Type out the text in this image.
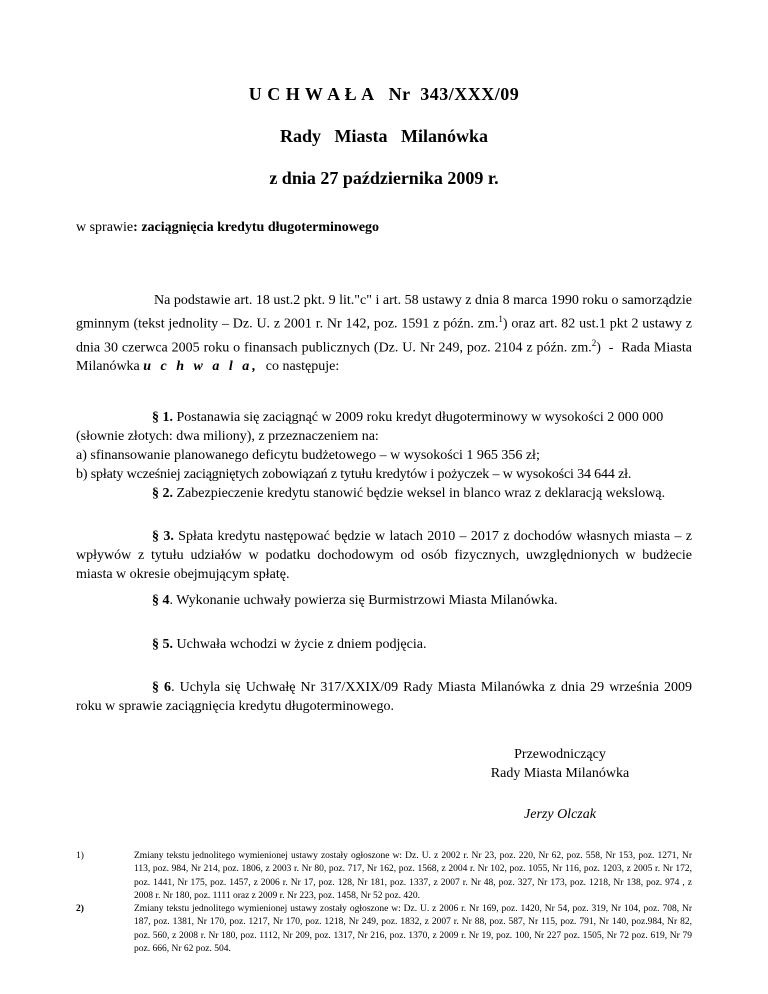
U C H W A Ł A   Nr  343/XXX/09
Rady   Miasta   Milanówka
z dnia 27 października 2009 r.
w sprawie: zaciągnięcia kredytu długoterminowego
Na podstawie art. 18 ust.2 pkt. 9 lit."c" i art. 58 ustawy z dnia 8 marca 1990 roku o samorządzie gminnym (tekst jednolity – Dz. U. z 2001 r. Nr 142, poz. 1591 z późn. zm.$^1$) oraz art. 82 ust.1 pkt 2 ustawy z dnia 30 czerwca 2005 roku o finansach publicznych (Dz. U. Nr 249, poz. 2104 z późn. zm.$^2$)  -  Rada Miasta Milanówka u c h w a l a,  co następuje:
§ 1. Postanawia się zaciągnąć w 2009 roku kredyt długoterminowy w wysokości 2 000 000
(słownie złotych: dwa miliony), z przeznaczeniem na:
a) sfinansowanie planowanego deficytu budżetowego – w wysokości 1 965 356 zł;
b) spłaty wcześniej zaciągniętych zobowiązań z tytułu kredytów i pożyczek – w wysokości 34 644 zł.
§ 2. Zabezpieczenie kredytu stanowić będzie weksel in blanco wraz z deklaracją wekslową.
§ 3. Spłata kredytu następować będzie w latach 2010 – 2017 z dochodów własnych miasta – z wpływów z tytułu udziałów w podatku dochodowym od osób fizycznych, uwzględnionych w budżecie miasta w okresie obejmującym spłatę.
§ 4. Wykonanie uchwały powierza się Burmistrzowi Miasta Milanówka.
§ 5. Uchwała wchodzi w życie z dniem podjęcia.
§ 6. Uchyla się Uchwałę Nr 317/XXIX/09 Rady Miasta Milanówka z dnia 29 września 2009 roku w sprawie zaciągnięcia kredytu długoterminowego.
Przewodniczący
Rady Miasta Milanówka
Jerzy Olczak
1)	Zmiany tekstu jednolitego wymienionej ustawy zostały ogłoszone w: Dz. U. z 2002 r. Nr 23, poz. 220, Nr 62, poz. 558, Nr 153, poz. 1271, Nr 113, poz. 984, Nr 214, poz. 1806, z 2003 r. Nr 80, poz. 717, Nr 162, poz. 1568, z 2004 r. Nr 102, poz. 1055, Nr 116, poz. 1203, z 2005 r. Nr 172, poz. 1441, Nr 175, poz. 1457, z 2006 r. Nr 17, poz. 128, Nr 181, poz. 1337, z 2007 r. Nr 48, poz. 327, Nr 173, poz. 1218, Nr 138, poz. 974 , z 2008 r. Nr 180, poz. 1111 oraz z 2009 r. Nr 223, poz. 1458, Nr 52 poz. 420.
2)	Zmiany tekstu jednolitego wymienionej ustawy zostały ogłoszone w: Dz. U. z 2006 r. Nr 169, poz. 1420, Nr 54, poz. 319, Nr 104, poz. 708, Nr 187, poz. 1381, Nr 170, poz. 1217, Nr 170, poz. 1218, Nr 249, poz. 1832, z 2007 r. Nr 88, poz. 587, Nr 115, poz. 791, Nr 140, poz.984, Nr 82, poz. 560, z 2008 r. Nr 180, poz. 1112, Nr 209, poz. 1317, Nr 216, poz. 1370, z 2009 r. Nr 19, poz. 100, Nr 227 poz. 1505, Nr 72 poz. 619, Nr 79 poz. 666, Nr 62 poz. 504.
